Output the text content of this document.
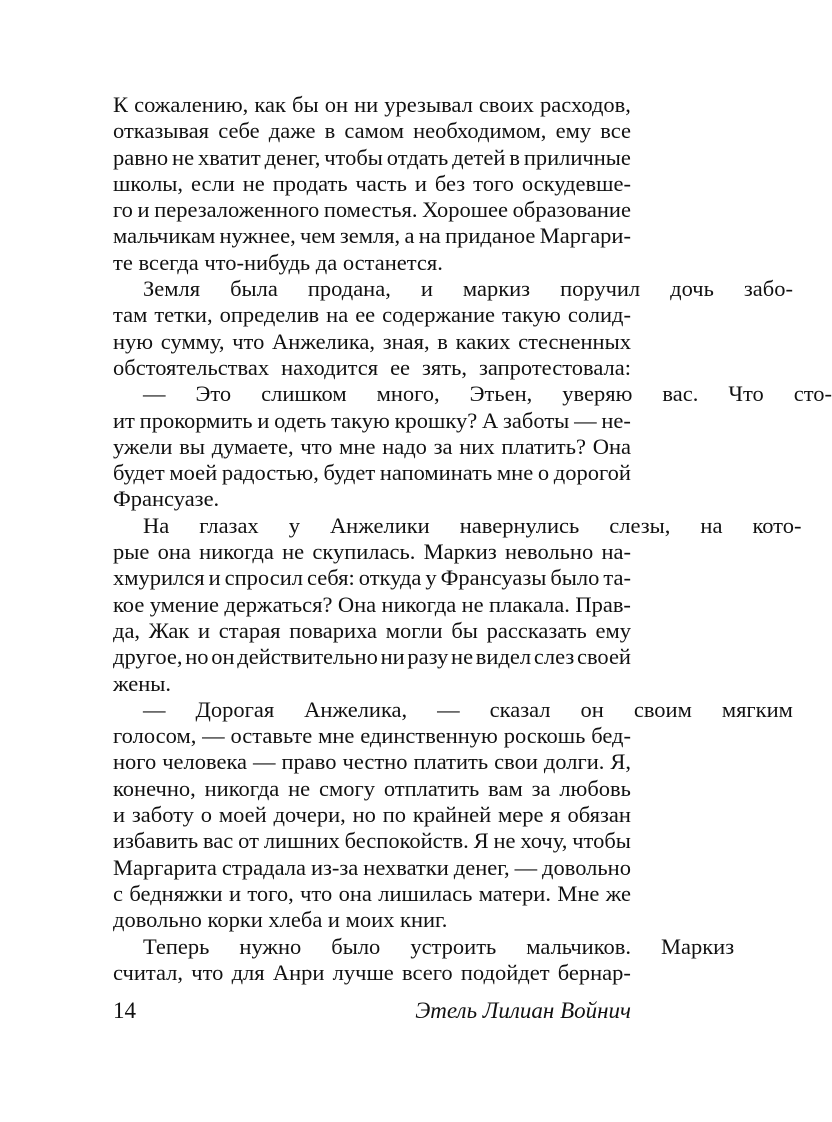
К сожалению, как бы он ни урезывал своих расходов,
отказывая себе даже в самом необходимом, ему все
равно не хватит денег, чтобы отдать детей в приличные
школы, если не продать часть и без того оскудевше-
го и перезаложенного поместья. Хорошее образование
мальчикам нужнее, чем земля, а на приданое Маргари-
те всегда что-нибудь да останется.
Земля	была	продана,	и	маркиз	поручил	дочь	забо-
там тетки, определив на ее содержание такую солид-
ную сумму, что Анжелика, зная, в каких стесненных
обстоятельствах находится ее зять, запротестовала:
—	Это	слишком	много,	Этьен,	уверяю	вас.	Что	сто-
ит прокормить и одеть такую крошку? А заботы — не-
ужели вы думаете, что мне надо за них платить? Она
будет моей радостью, будет напоминать мне о дорогой
Франсуазе.
На	глазах	у	Анжелики	навернулись	слезы,	на	кото-
рые она никогда не скупилась. Маркиз невольно на-
хмурился и спросил себя: откуда у Франсуазы было та-
кое умение держаться? Она никогда не плакала. Прав-
да, Жак и старая повариха могли бы рассказать ему
другое, но он действительно ни разу не видел слез своей
жены.
—	Дорогая	Анжелика,	—	сказал	он	своим	мягким
голосом, — оставьте мне единственную роскошь бед-
ного человека — право честно платить свои долги. Я,
конечно, никогда не смогу отплатить вам за любовь
и заботу о моей дочери, но по крайней мере я обязан
избавить вас от лишних беспокойств. Я не хочу, чтобы
Маргарита страдала из-за нехватки денег, — довольно
с бедняжки и того, что она лишилась матери. Мне же
довольно корки хлеба и моих книг.
Теперь	нужно	было	устроить	мальчиков.	Маркиз
считал, что для Анри лучше всего подойдет бернар-
14	Этель Лилиан Войнич
